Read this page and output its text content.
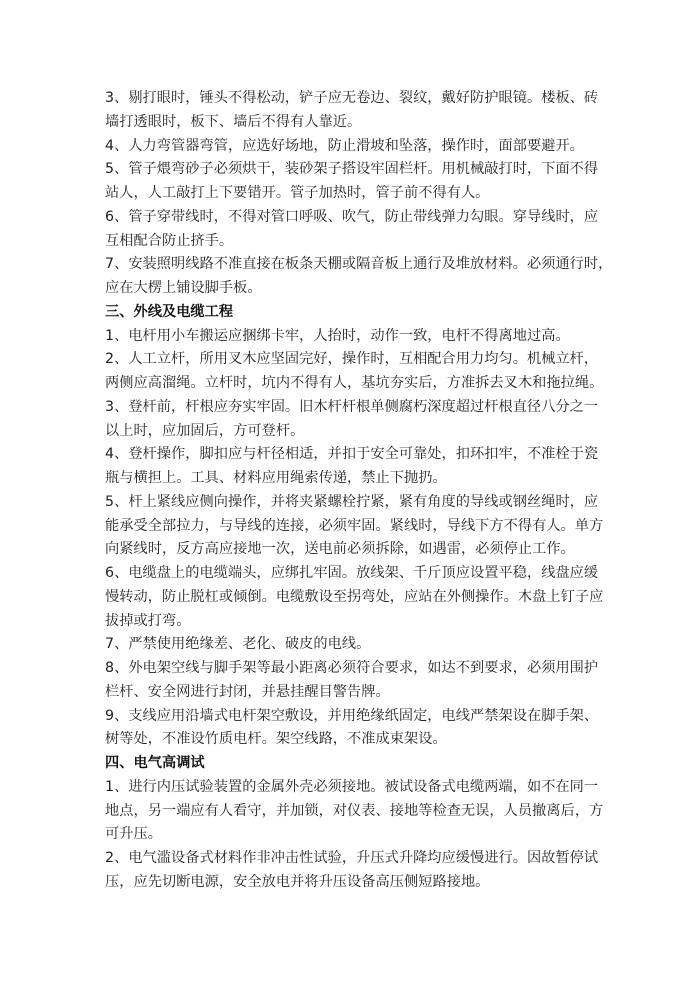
3、剔打眼时，锤头不得松动，铲子应无卷边、裂纹，戴好防护眼镜。楼板、砖
墙打透眼时，板下、墙后不得有人靠近。
4、人力弯管器弯管，应选好场地，防止滑坡和坠落，操作时，面部要避开。
5、管子煨弯砂子必须烘干，装砂架子搭设牢固栏杆。用机械敲打时，下面不得
站人，人工敲打上下要错开。管子加热时，管子前不得有人。
6、管子穿带线时，不得对管口呼吸、吹气，防止带线弹力勾眼。穿导线时，应
互相配合防止挤手。
7、安装照明线路不准直接在板条天棚或隔音板上通行及堆放材料。必须通行时，
应在大楞上铺设脚手板。
三、外线及电缆工程
1、电杆用小车搬运应捆绑卡牢，人抬时，动作一致，电杆不得离地过高。
2、人工立杆，所用叉木应坚固完好，操作时，互相配合用力均匀。机械立杆，
两侧应高溜绳。立杆时，坑内不得有人，基坑夯实后，方准拆去叉木和拖拉绳。
3、登杆前，杆根应夯实牢固。旧木杆杆根单侧腐朽深度超过杆根直径八分之一
以上时，应加固后，方可登杆。
4、登杆操作，脚扣应与杆径相适，并扣于安全可靠处，扣环扣牢，不准栓于瓷
瓶与横担上。工具、材料应用绳索传递，禁止下抛扔。
5、杆上紧线应侧向操作，并将夹紧螺栓拧紧，紧有角度的导线或钢丝绳时，应
能承受全部拉力，与导线的连接，必须牢固。紧线时，导线下方不得有人。单方
向紧线时，反方高应接地一次，送电前必须拆除，如遇雷，必须停止工作。
6、电缆盘上的电缆端头，应绑扎牢固。放线架、千斤顶应设置平稳，线盘应缓
慢转动，防止脱杠或倾倒。电缆敷设至拐弯处，应站在外侧操作。木盘上钉子应
拔掉或打弯。
7、严禁使用绝缘差、老化、破皮的电线。
8、外电架空线与脚手架等最小距离必须符合要求，如达不到要求，必须用围护
栏杆、安全网进行封闭，并悬挂醒目警告牌。
9、支线应用沿墙式电杆架空敷设，并用绝缘纸固定，电线严禁架设在脚手架、
树等处，不准设竹质电杆。架空线路，不准成束架设。
四、电气高调试
1、进行内压试验装置的金属外壳必须接地。被试设备式电缆两端，如不在同一
地点，另一端应有人看守，并加锁，对仪表、接地等检查无误，人员撤离后，方
可升压。
2、电气滥设备式材料作非冲击性试验，升压式升降均应缓慢进行。因故暂停试
压，应先切断电源，安全放电并将升压设备高压侧短路接地。
